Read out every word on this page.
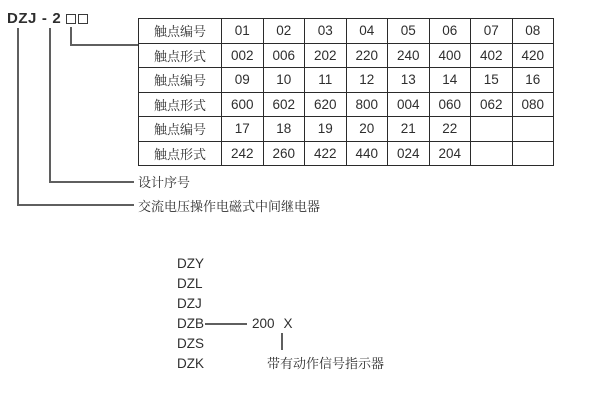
DZJ - 2
触点编号	01	02	03	04	05	06	07	08
触点形式	002	006	202	220	240	400	402	420
触点编号	09	10	11	12	13	14	15	16
触点形式	600	602	620	800	004	060	062	080
触点编号	17	18	19	20	21	22		
触点形式	242	260	422	440	024	204		
设计序号
交流电压操作电磁式中间继电器
DZY
DZL
DZJ
DZB
DZS
DZK
200 X
带有动作信号指示器
